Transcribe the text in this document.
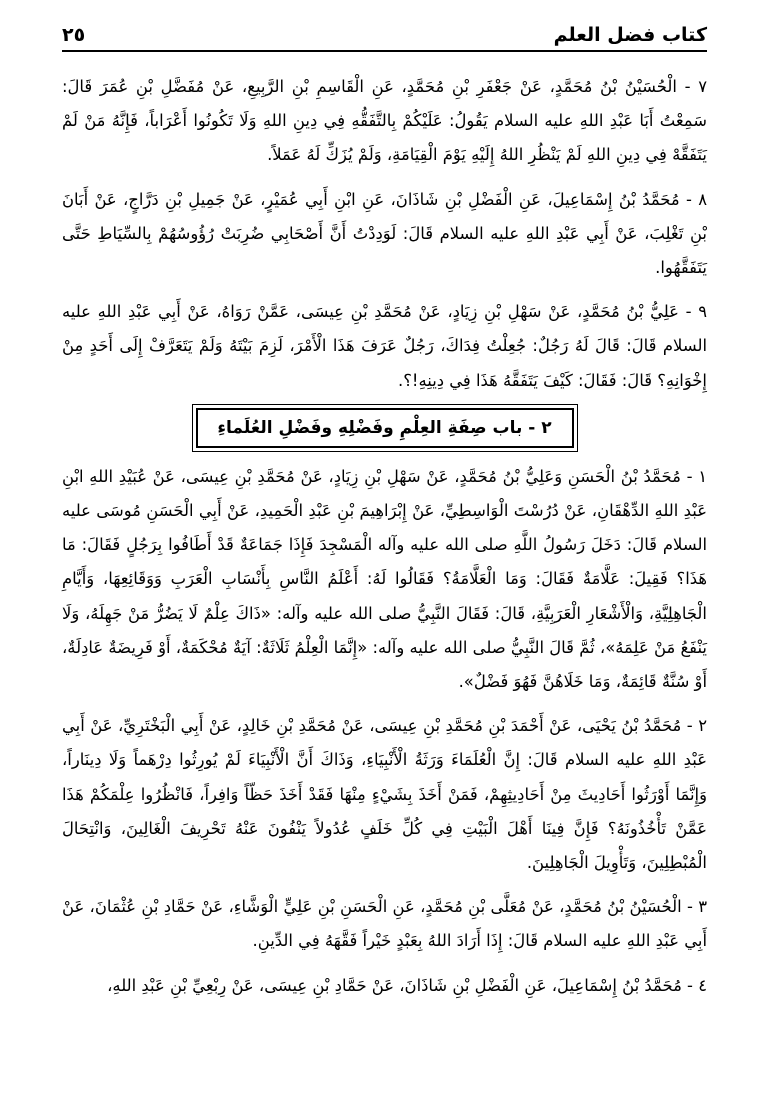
كتاب فضل العلم
٢٥

٧ - الْحُسَيْنُ بْنُ مُحَمَّدٍ، عَنْ جَعْفَرِ بْنِ مُحَمَّدٍ، عَنِ الْقَاسِمِ بْنِ الرَّبِيعِ، عَنْ مُفَضَّلِ بْنِ عُمَرَ قَالَ: سَمِعْتُ أَبَا عَبْدِ اللهِ عليه السلام يَقُولُ: عَلَيْكُمْ بِالتَّفَقُّهِ فِي دِينِ اللهِ وَلَا تَكُونُوا أَعْرَاباً، فَإِنَّهُ مَنْ لَمْ يَتَفَقَّهْ فِي دِينِ اللهِ لَمْ يَنْظُرِ اللهُ إِلَيْهِ يَوْمَ الْقِيَامَةِ، وَلَمْ يُزَكِّ لَهُ عَمَلاً.

٨ - مُحَمَّدُ بْنُ إِسْمَاعِيلَ، عَنِ الْفَضْلِ بْنِ شَاذَانَ، عَنِ ابْنِ أَبِي عُمَيْرٍ، عَنْ جَمِيلِ بْنِ دَرَّاجٍ، عَنْ أَبَانَ بْنِ تَغْلِبَ، عَنْ أَبِي عَبْدِ اللهِ عليه السلام قَالَ: لَوَدِدْتُ أَنَّ أَصْحَابِي ضُرِبَتْ رُؤُوسُهُمْ بِالسِّيَاطِ حَتَّى يَتَفَقَّهُوا.

٩ - عَلِيُّ بْنُ مُحَمَّدٍ، عَنْ سَهْلِ بْنِ زِيَادٍ، عَنْ مُحَمَّدِ بْنِ عِيسَى، عَمَّنْ رَوَاهُ، عَنْ أَبِي عَبْدِ اللهِ عليه السلام قَالَ: قَالَ لَهُ رَجُلٌ: جُعِلْتُ فِدَاكَ، رَجُلٌ عَرَفَ هَذَا الْأَمْرَ، لَزِمَ بَيْتَهُ وَلَمْ يَتَعَرَّفْ إِلَى أَحَدٍ مِنْ إِخْوَانِهِ؟ قَالَ: فَقَالَ: كَيْفَ يَتَفَقَّهُ هَذَا فِي دِينِهِ!؟.

٢ - باب صِفَةِ العِلْمِ وفَضْلِهِ وفَضْلِ العُلَماءِ

١ - مُحَمَّدُ بْنُ الْحَسَنِ وَعَلِيُّ بْنُ مُحَمَّدٍ، عَنْ سَهْلِ بْنِ زِيَادٍ، عَنْ مُحَمَّدِ بْنِ عِيسَى، عَنْ عُبَيْدِ اللهِ ابْنِ عَبْدِ اللهِ الدِّهْقَانِ، عَنْ دُرُسْتَ الْوَاسِطِيِّ، عَنْ إِبْرَاهِيمَ بْنِ عَبْدِ الْحَمِيدِ، عَنْ أَبِي الْحَسَنِ مُوسَى عليه السلام قَالَ: دَخَلَ رَسُولُ اللَّهِ صلى الله عليه وآله الْمَسْجِدَ فَإِذَا جَمَاعَةٌ قَدْ أَطَافُوا بِرَجُلٍ فَقَالَ: مَا هَذَا؟ فَقِيلَ: عَلَّامَةٌ فَقَالَ: وَمَا الْعَلَّامَةُ؟ فَقَالُوا لَهُ: أَعْلَمُ النَّاسِ بِأَنْسَابِ الْعَرَبِ وَوَقَائِعِهَا، وَأَيَّامِ الْجَاهِلِيَّةِ، وَالْأَشْعَارِ الْعَرَبِيَّةِ، قَالَ: فَقَالَ النَّبِيُّ صلى الله عليه وآله: «ذَاكَ عِلْمٌ لَا يَضُرُّ مَنْ جَهِلَهُ، وَلَا يَنْفَعُ مَنْ عَلِمَهُ»، ثُمَّ قَالَ النَّبِيُّ صلى الله عليه وآله: «إِنَّمَا الْعِلْمُ ثَلَاثَةٌ: آيَةٌ مُحْكَمَةٌ، أَوْ فَرِيضَةٌ عَادِلَةٌ، أَوْ سُنَّةٌ قَائِمَةٌ، وَمَا خَلَاهُنَّ فَهُوَ فَضْلٌ».

٢ - مُحَمَّدُ بْنُ يَحْيَى، عَنْ أَحْمَدَ بْنِ مُحَمَّدِ بْنِ عِيسَى، عَنْ مُحَمَّدِ بْنِ خَالِدٍ، عَنْ أَبِي الْبَخْتَرِيِّ، عَنْ أَبِي عَبْدِ اللهِ عليه السلام قَالَ: إِنَّ الْعُلَمَاءَ وَرَثَةُ الْأَنْبِيَاءِ، وَذَاكَ أَنَّ الْأَنْبِيَاءَ لَمْ يُورِثُوا دِرْهَماً وَلَا دِينَاراً، وَإِنَّمَا أَوْرَثُوا أَحَادِيثَ مِنْ أَحَادِيثِهِمْ، فَمَنْ أَخَذَ بِشَيْءٍ مِنْهَا فَقَدْ أَخَذَ حَظّاً وَافِراً، فَانْظُرُوا عِلْمَكُمْ هَذَا عَمَّنْ تَأْخُذُونَهُ؟ فَإِنَّ فِينَا أَهْلَ الْبَيْتِ فِي كُلِّ خَلَفٍ عُدُولاً يَنْفُونَ عَنْهُ تَحْرِيفَ الْغَالِينَ، وَانْتِحَالَ الْمُبْطِلِينَ، وَتَأْوِيلَ الْجَاهِلِينَ.

٣ - الْحُسَيْنُ بْنُ مُحَمَّدٍ، عَنْ مُعَلَّى بْنِ مُحَمَّدٍ، عَنِ الْحَسَنِ بْنِ عَلِيٍّ الْوَشَّاءِ، عَنْ حَمَّادِ بْنِ عُثْمَانَ، عَنْ أَبِي عَبْدِ اللهِ عليه السلام قَالَ: إِذَا أَرَادَ اللهُ بِعَبْدٍ خَيْراً فَقَّهَهُ فِي الدِّينِ.

٤ - مُحَمَّدُ بْنُ إِسْمَاعِيلَ، عَنِ الْفَضْلِ بْنِ شَاذَانَ، عَنْ حَمَّادِ بْنِ عِيسَى، عَنْ رِبْعِيِّ بْنِ عَبْدِ اللهِ،
